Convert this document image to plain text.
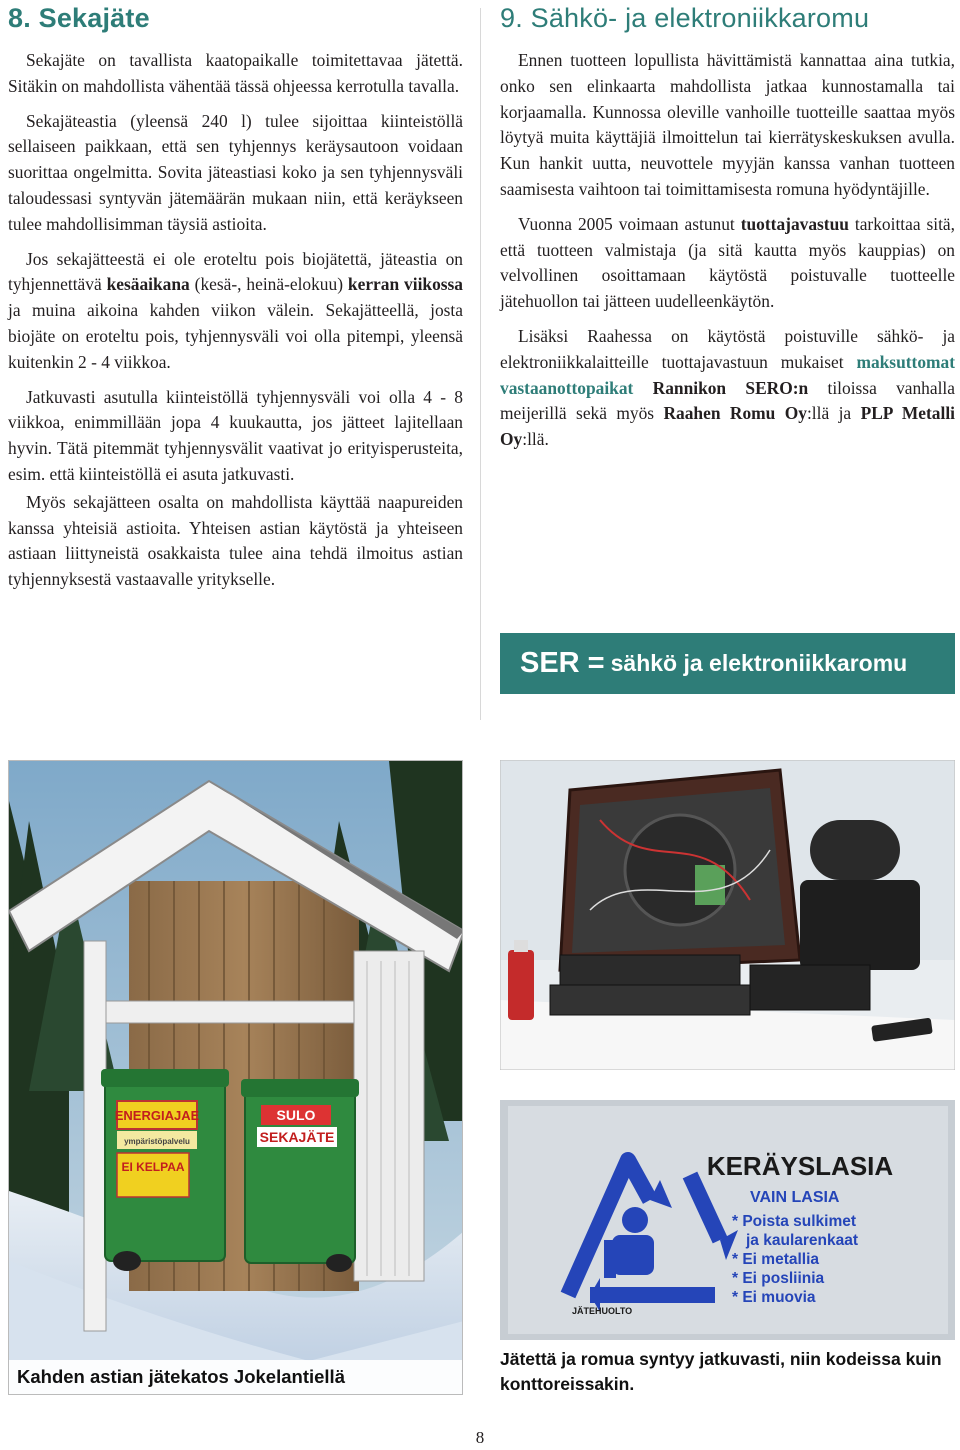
8. Sekajäte

Sekajäte on tavallista kaatopaikalle toimitettavaa jätettä. Sitäkin on mahdollista vähentää tässä ohjeessa kerrotulla tavalla.

Sekajäteastia (yleensä 240 l) tulee sijoittaa kiinteistöllä sellaiseen paikkaan, että sen tyhjennys keräysautoon voidaan suorittaa ongelmitta. Sovita jäteastiasi koko ja sen tyhjennysväli taloudessasi syntyvän jätemäärän mukaan niin, että keräykseen tulee mahdollisimman täysiä astioita.

Jos sekajätteestä ei ole eroteltu pois biojätettä, jäteastia on tyhjennettävä kesäaikana (kesä-, heinä-elokuu) kerran viikossa ja muina aikoina kahden viikon välein. Sekajätteellä, josta biojäte on eroteltu pois, tyhjennysväli voi olla pitempi, yleensä kuitenkin 2 - 4 viikkoa.

Jatkuvasti asutulla kiinteistöllä tyhjennysväli voi olla 4 - 8 viikkoa, enimmillään jopa 4 kuukautta, jos jätteet lajitellaan hyvin. Tätä pitemmät tyhjennysvälit vaativat jo erityisperusteita, esim. että kiinteistöllä ei asuta jatkuvasti.

Myös sekajätteen osalta on mahdollista käyttää naapureiden kanssa yhteisiä astioita. Yhteisen astian käytöstä ja yhteiseen astiaan liittyneistä osakkaista tulee aina tehdä ilmoitus astian tyhjennyksestä vastaavalle yritykselle.

9. Sähkö- ja elektroniikkaromu

Ennen tuotteen lopullista hävittämistä kannattaa aina tutkia, onko sen elinkaarta mahdollista jatkaa kunnostamalla tai korjaamalla. Kunnossa oleville vanhoille tuotteille saattaa myös löytyä muita käyttäjiä ilmoittelun tai kierrätyskeskuksen avulla. Kun hankit uutta, neuvottele myyjän kanssa vanhan tuotteen saamisesta vaihtoon tai toimittamisesta romuna hyödyntäjille.

Vuonna 2005 voimaan astunut tuottajavastuu tarkoittaa sitä, että tuotteen valmistaja (ja sitä kautta myös kauppias) on velvollinen osoittamaan käytöstä poistuvalle tuotteelle jätehuollon tai jätteen uudelleenkäytön.

Lisäksi Raahessa on käytöstä poistuville sähkö- ja elektroniikkalaitteille tuottajavastuun mukaiset maksuttomat vastaanottopaikat Rannikon SERO:n tiloissa vanhalla meijerillä sekä myös Raahen Romu Oy:llä ja PLP Metalli Oy:llä.

SER = sähkö ja elektroniikkaromu
ENERGIAJAE
ympäristöpalvelu
EI KELPAA
SULO
SEKAJÄTE
Kahden astian jätekatos Jokelantiellä
KERÄYSLASIA
VAIN LASIA
* Poista sulkimet
ja kaularenkaat
* Ei metallia
* Ei posliinia
* Ei muovia
JÄTEHUOLTO
Jätettä ja romua syntyy jatkuvasti, niin kodeissa kuin konttoreissakin.
8
